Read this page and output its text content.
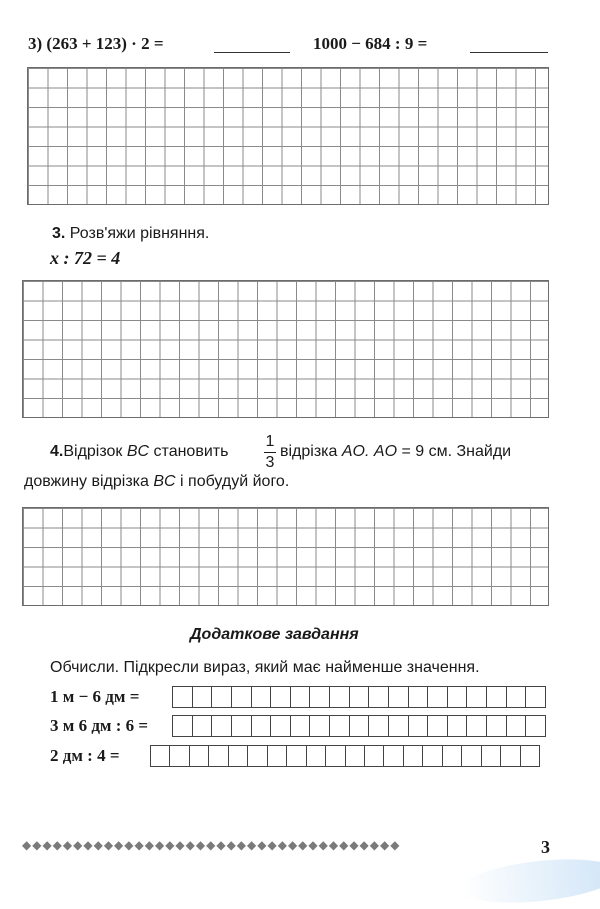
3) (263 + 123) · 2 =	1000 − 684 : 9 =
3. Розв'яжи рівняння.
x : 72 = 4
4.Відрізок BC становить
1
3
відрізка AO. AO = 9 см. Знайди
довжину відрізка BC і побудуй його.
Додаткове завдання
Обчисли. Підкресли вираз, який має найменше значення.
1 м − 6 дм =
3 м 6 дм : 6 =
2 дм : 4 =
◆◆◆◆◆◆◆◆◆◆◆◆◆◆◆◆◆◆◆◆◆◆◆◆◆◆◆◆◆◆◆◆◆◆◆◆◆	3
